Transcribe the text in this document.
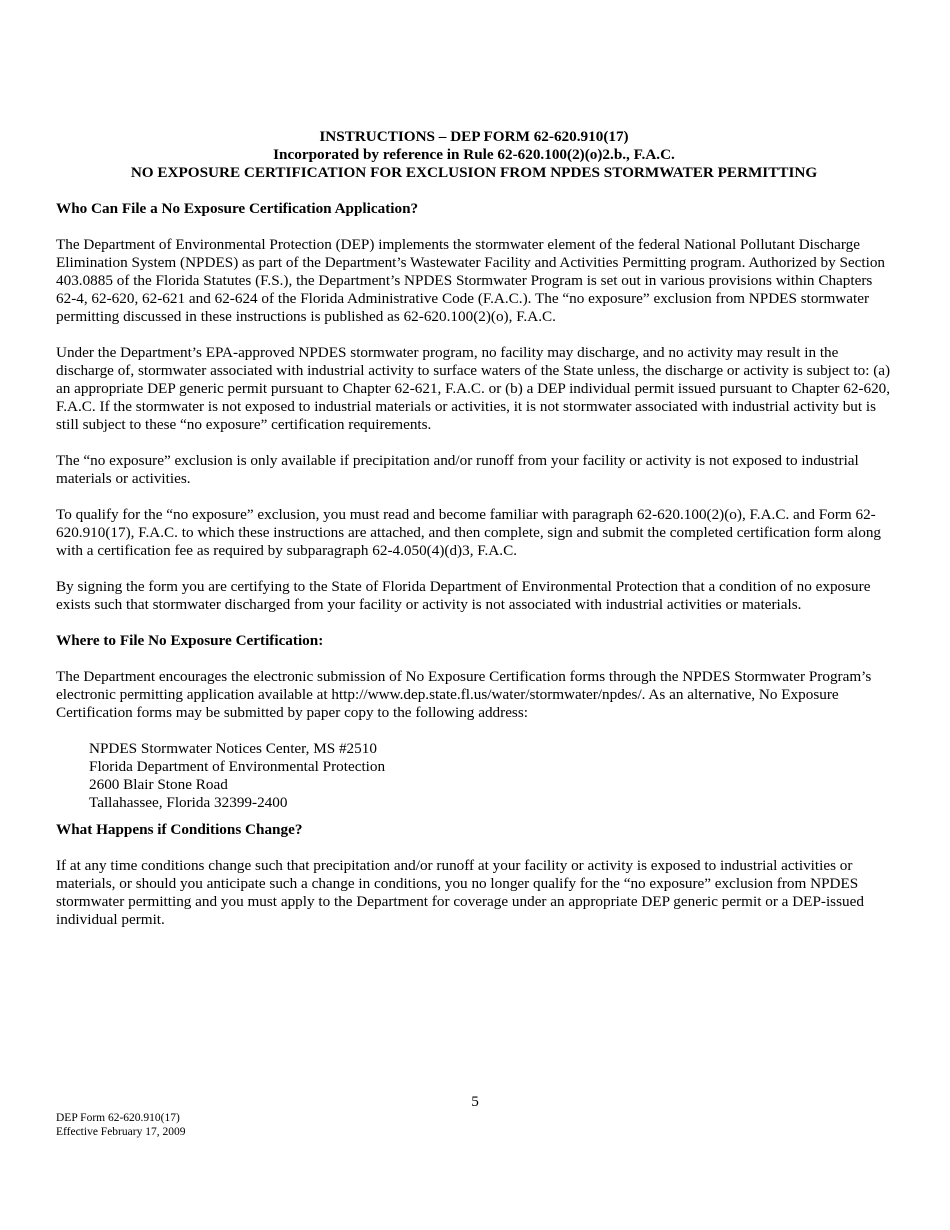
INSTRUCTIONS – DEP FORM 62-620.910(17)
Incorporated by reference in Rule 62-620.100(2)(o)2.b., F.A.C.
NO EXPOSURE CERTIFICATION FOR EXCLUSION FROM NPDES STORMWATER PERMITTING
Who Can File a No Exposure Certification Application?
The Department of Environmental Protection (DEP) implements the stormwater element of the federal National Pollutant Discharge Elimination System (NPDES) as part of the Department’s Wastewater Facility and Activities Permitting program. Authorized by Section 403.0885 of the Florida Statutes (F.S.), the Department’s NPDES Stormwater Program is set out in various provisions within Chapters 62-4, 62-620, 62-621 and 62-624 of the Florida Administrative Code (F.A.C.). The “no exposure” exclusion from NPDES stormwater permitting discussed in these instructions is published as 62-620.100(2)(o), F.A.C.
Under the Department’s EPA-approved NPDES stormwater program, no facility may discharge, and no activity may result in the discharge of, stormwater associated with industrial activity to surface waters of the State unless, the discharge or activity is subject to: (a) an appropriate DEP generic permit pursuant to Chapter 62-621, F.A.C. or (b) a DEP individual permit issued pursuant to Chapter 62-620, F.A.C. If the stormwater is not exposed to industrial materials or activities, it is not stormwater associated with industrial activity but is still subject to these “no exposure” certification requirements.
The “no exposure” exclusion is only available if precipitation and/or runoff from your facility or activity is not exposed to industrial materials or activities.
To qualify for the “no exposure” exclusion, you must read and become familiar with paragraph 62-620.100(2)(o), F.A.C. and Form 62-620.910(17), F.A.C. to which these instructions are attached, and then complete, sign and submit the completed certification form along with a certification fee as required by subparagraph 62-4.050(4)(d)3, F.A.C.
By signing the form you are certifying to the State of Florida Department of Environmental Protection that a condition of no exposure exists such that stormwater discharged from your facility or activity is not associated with industrial activities or materials.
Where to File No Exposure Certification:
The Department encourages the electronic submission of No Exposure Certification forms through the NPDES Stormwater Program’s electronic permitting application available at http://www.dep.state.fl.us/water/stormwater/npdes/. As an alternative, No Exposure Certification forms may be submitted by paper copy to the following address:
NPDES Stormwater Notices Center, MS #2510
Florida Department of Environmental Protection
2600 Blair Stone Road
Tallahassee, Florida 32399-2400
What Happens if Conditions Change?
If at any time conditions change such that precipitation and/or runoff at your facility or activity is exposed to industrial activities or materials, or should you anticipate such a change in conditions, you no longer qualify for the “no exposure” exclusion from NPDES stormwater permitting and you must apply to the Department for coverage under an appropriate DEP generic permit or a DEP-issued individual permit.
5
DEP Form 62-620.910(17)
Effective February 17, 2009
